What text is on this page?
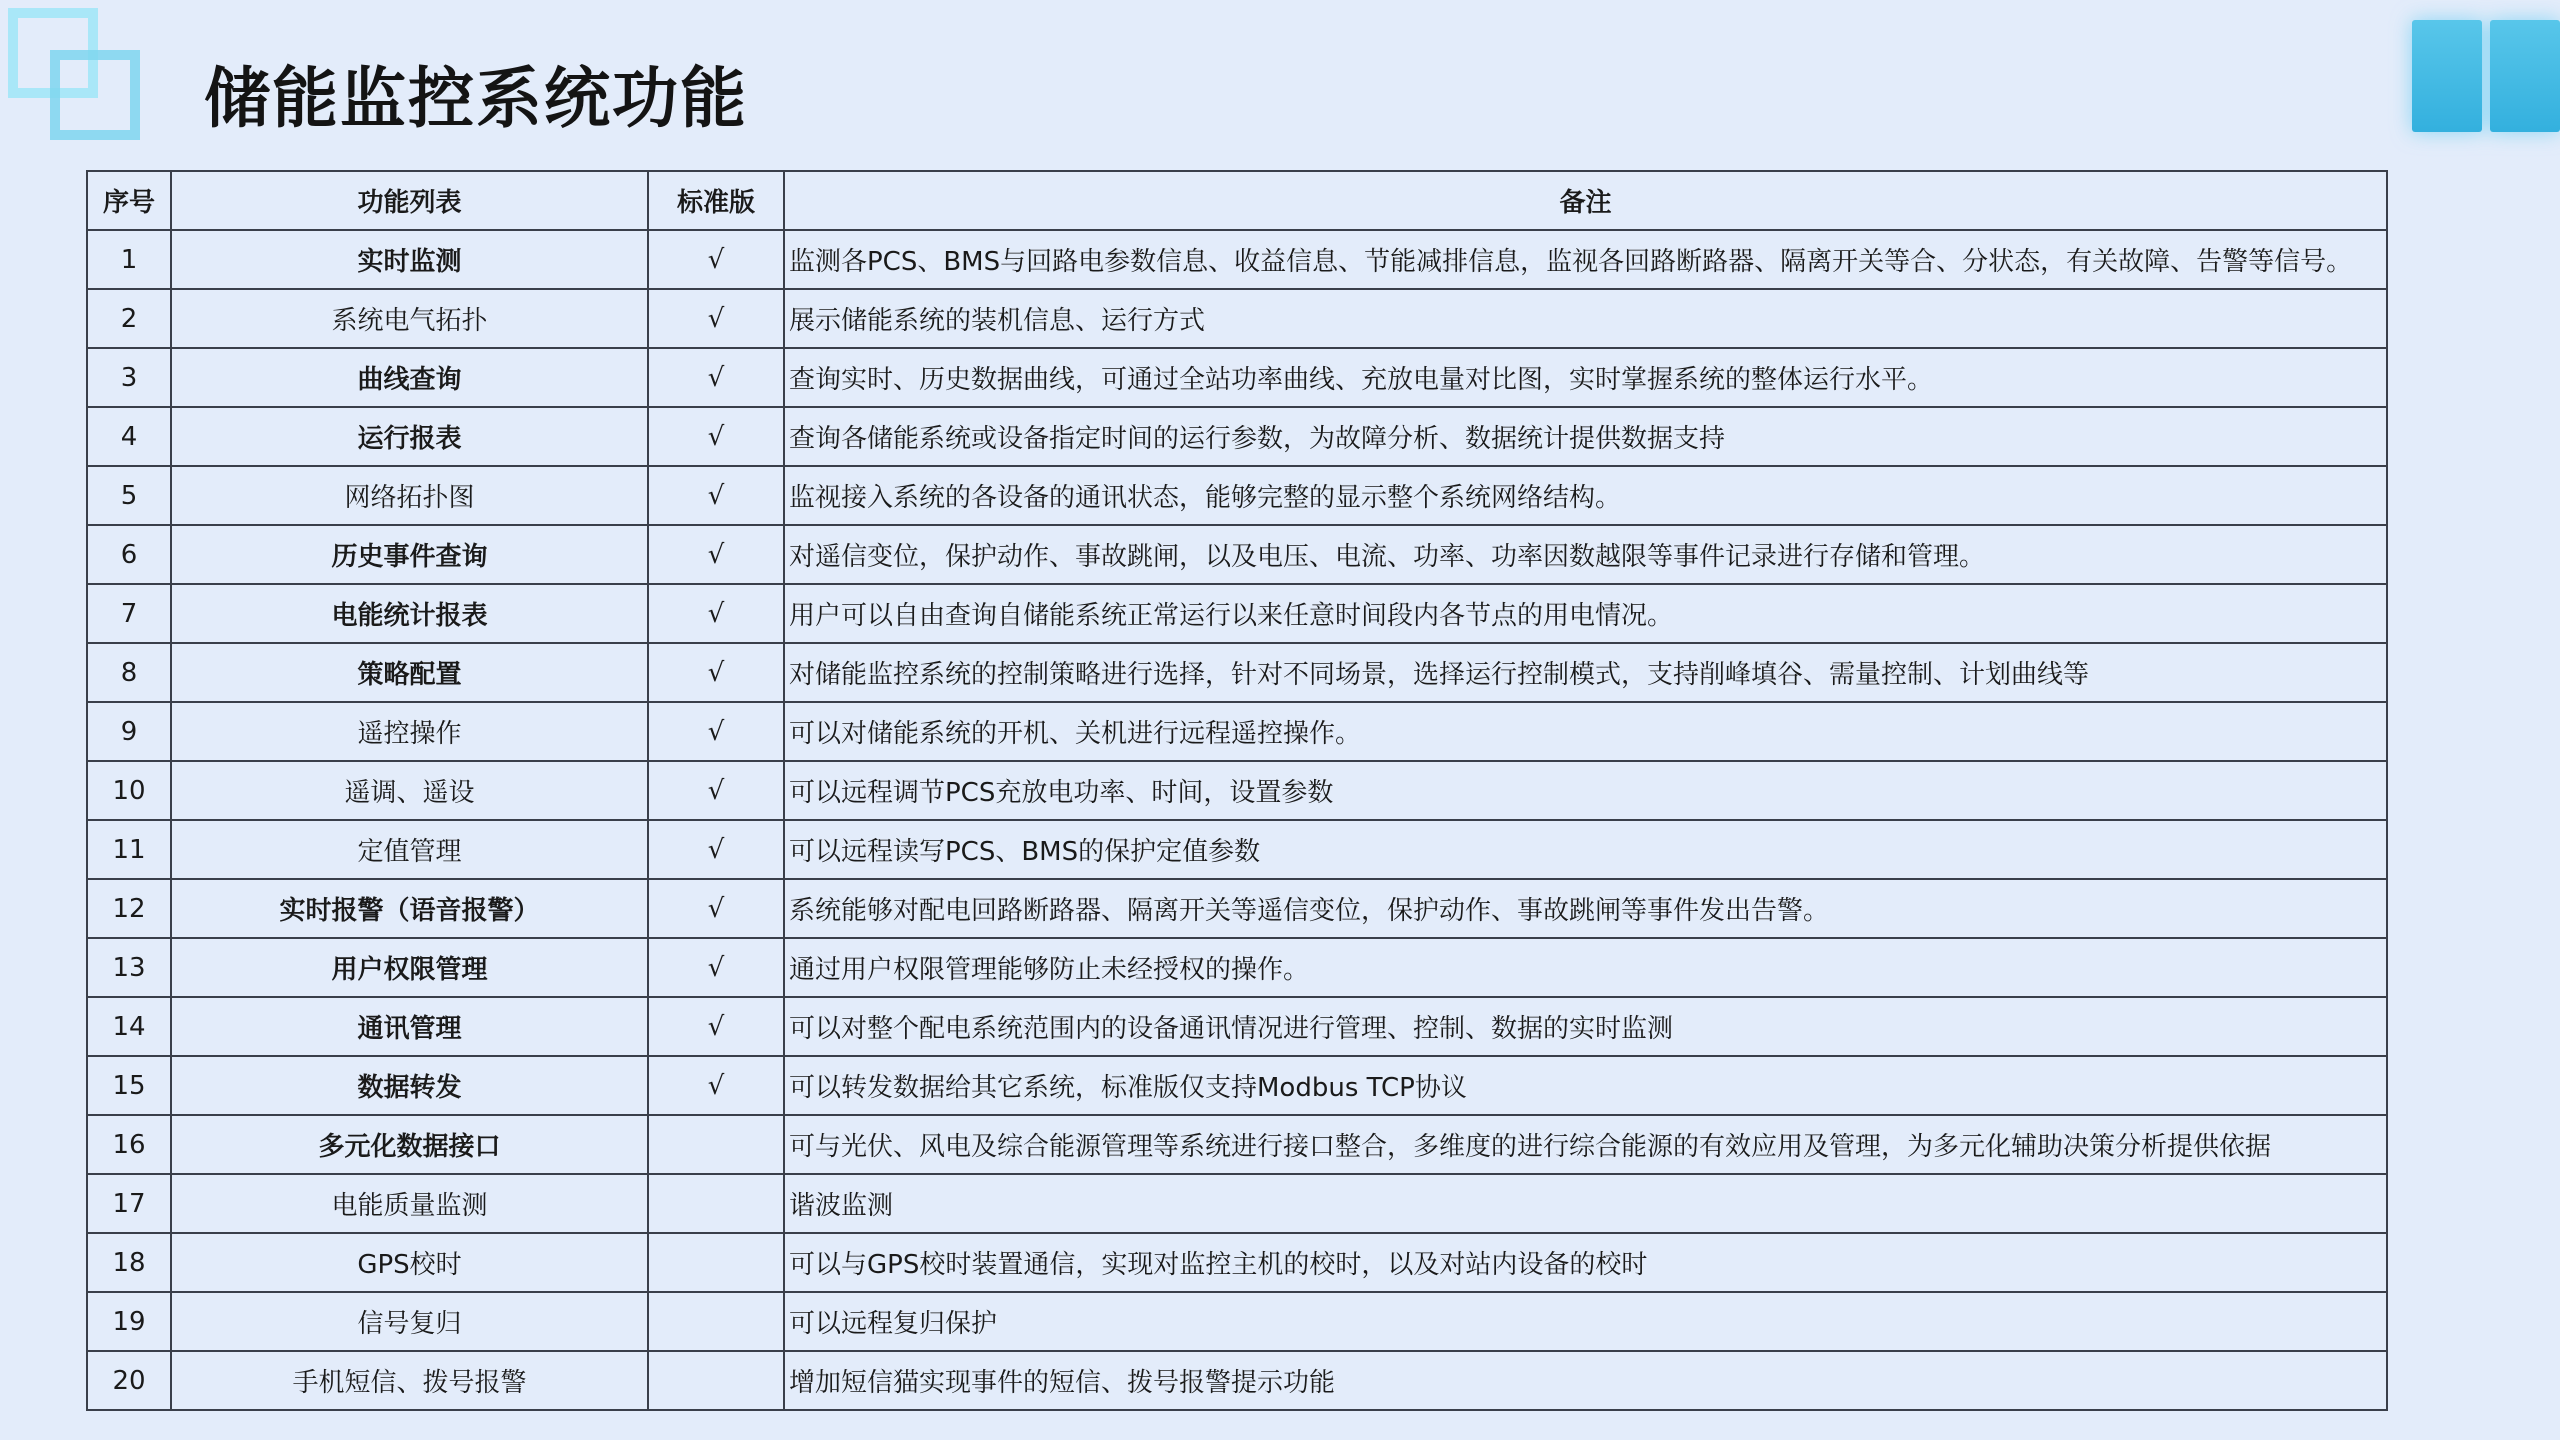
储能监控系统功能
序号	功能列表	标准版	备注
1	实时监测	√	监测各PCS、BMS与回路电参数信息、收益信息、节能减排信息，监视各回路断路器、隔离开关等合、分状态，有关故障、告警等信号。
2	系统电气拓扑	√	展示储能系统的装机信息、运行方式
3	曲线查询	√	查询实时、历史数据曲线，可通过全站功率曲线、充放电量对比图，实时掌握系统的整体运行水平。
4	运行报表	√	查询各储能系统或设备指定时间的运行参数，为故障分析、数据统计提供数据支持
5	网络拓扑图	√	监视接入系统的各设备的通讯状态，能够完整的显示整个系统网络结构。
6	历史事件查询	√	对遥信变位，保护动作、事故跳闸，以及电压、电流、功率、功率因数越限等事件记录进行存储和管理。
7	电能统计报表	√	用户可以自由查询自储能系统正常运行以来任意时间段内各节点的用电情况。
8	策略配置	√	对储能监控系统的控制策略进行选择，针对不同场景，选择运行控制模式，支持削峰填谷、需量控制、计划曲线等
9	遥控操作	√	可以对储能系统的开机、关机进行远程遥控操作。
10	遥调、遥设	√	可以远程调节PCS充放电功率、时间，设置参数
11	定值管理	√	可以远程读写PCS、BMS的保护定值参数
12	实时报警（语音报警）	√	系统能够对配电回路断路器、隔离开关等遥信变位，保护动作、事故跳闸等事件发出告警。
13	用户权限管理	√	通过用户权限管理能够防止未经授权的操作。
14	通讯管理	√	可以对整个配电系统范围内的设备通讯情况进行管理、控制、数据的实时监测
15	数据转发	√	可以转发数据给其它系统，标准版仅支持Modbus TCP协议
16	多元化数据接口		可与光伏、风电及综合能源管理等系统进行接口整合，多维度的进行综合能源的有效应用及管理，为多元化辅助决策分析提供依据
17	电能质量监测		谐波监测
18	GPS校时		可以与GPS校时装置通信，实现对监控主机的校时，以及对站内设备的校时
19	信号复归		可以远程复归保护
20	手机短信、拨号报警		增加短信猫实现事件的短信、拨号报警提示功能
